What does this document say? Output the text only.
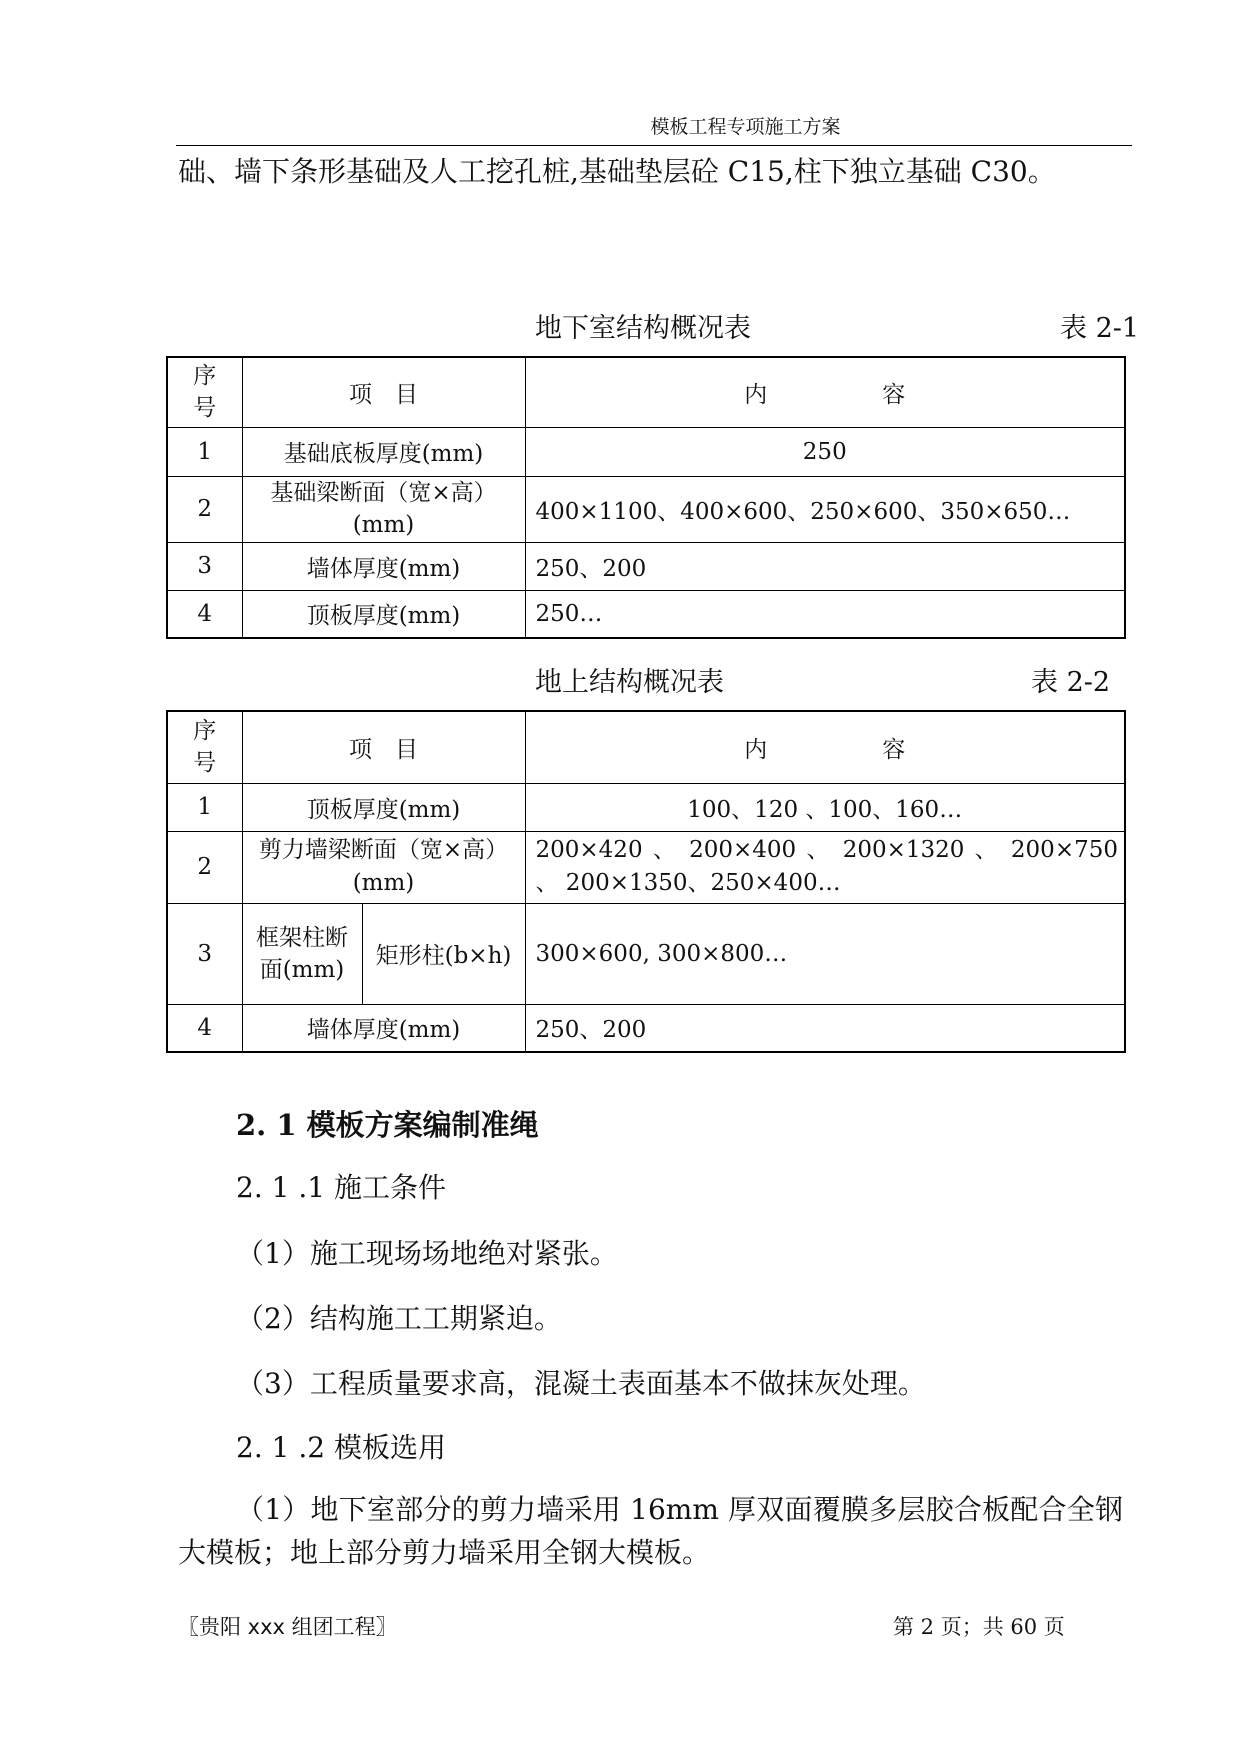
模板工程专项施工方案
础、墙下条形基础及人工挖孔桩,基础垫层砼 C15,柱下独立基础 C30。
地下室结构概况表	表 2-1
序号	项　目	内　　　　　容
1	基础底板厚度(mm)	250
2	基础梁断面（宽×高）(mm)	400×1100、400×600、250×600、350×650…
3	墙体厚度(mm)	250、200
4	顶板厚度(mm)	250…
地上结构概况表	表 2-2
序号	项　目		内　　　　　容
1	顶板厚度(mm)		100、120 、100、160…
2	剪力墙梁断面（宽×高）(mm)		200×420 、 200×400 、 200×1320 、 200×750 、 200×1350、250×400…
3	框架柱断面(mm)	矩形柱(b×h)	300×600, 300×800…
4	墙体厚度(mm)		250、200
2. 1 模板方案编制准绳
2. 1 .1 施工条件
（1）施工现场场地绝对紧张。
（2）结构施工工期紧迫。
（3）工程质量要求高，混凝土表面基本不做抹灰处理。
2. 1 .2 模板选用
（1）地下室部分的剪力墙采用 16mm 厚双面覆膜多层胶合板配合全钢大模板；地上部分剪力墙采用全钢大模板。
〖贵阳 xxx 组团工程〗	第 2 页；共 60 页
